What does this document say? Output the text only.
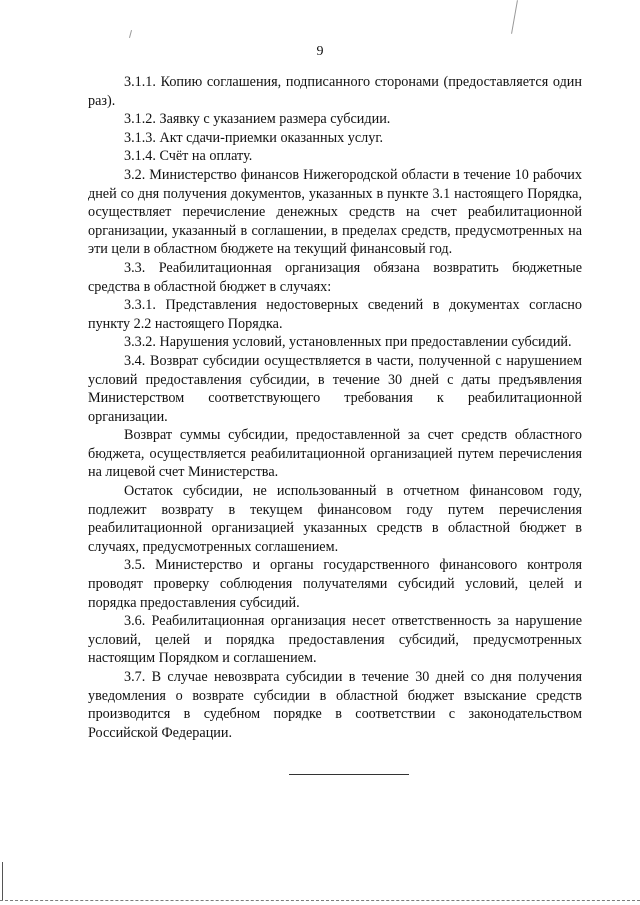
9

3.1.1. Копию соглашения, подписанного сторонами (предоставляется один раз).

3.1.2. Заявку с указанием размера субсидии.

3.1.3. Акт сдачи-приемки оказанных услуг.

3.1.4. Счёт на оплату.

3.2. Министерство финансов Нижегородской области в течение 10 рабочих дней со дня получения документов, указанных в пункте 3.1 настоящего Порядка, осуществляет перечисление денежных средств на счет реабилитационной организации, указанный в соглашении, в пределах средств, предусмотренных на эти цели в областном бюджете на текущий финансовый год.

3.3. Реабилитационная организация обязана возвратить бюджетные средства в областной бюджет в случаях:

3.3.1. Представления недостоверных сведений в документах согласно пункту 2.2 настоящего Порядка.

3.3.2. Нарушения условий, установленных при предоставлении субсидий.

3.4. Возврат субсидии осуществляется в части, полученной с нарушением условий предоставления субсидии, в течение 30 дней с даты предъявления Министерством соответствующего требования к реабилитационной организации.

Возврат суммы субсидии, предоставленной за счет средств областного бюджета, осуществляется реабилитационной организацией путем перечисления на лицевой счет Министерства.

Остаток субсидии, не использованный в отчетном финансовом году, подлежит возврату в текущем финансовом году путем перечисления реабилитационной организацией указанных средств в областной бюджет в случаях, предусмотренных соглашением.

3.5. Министерство и органы государственного финансового контроля проводят проверку соблюдения получателями субсидий условий, целей и порядка предоставления субсидий.

3.6. Реабилитационная организация несет ответственность за нарушение условий, целей и порядка предоставления субсидий, предусмотренных настоящим Порядком и соглашением.

3.7. В случае невозврата субсидии в течение 30 дней со дня получения уведомления о возврате субсидии в областной бюджет взыскание средств производится в судебном порядке в соответствии с законодательством Российской Федерации.
